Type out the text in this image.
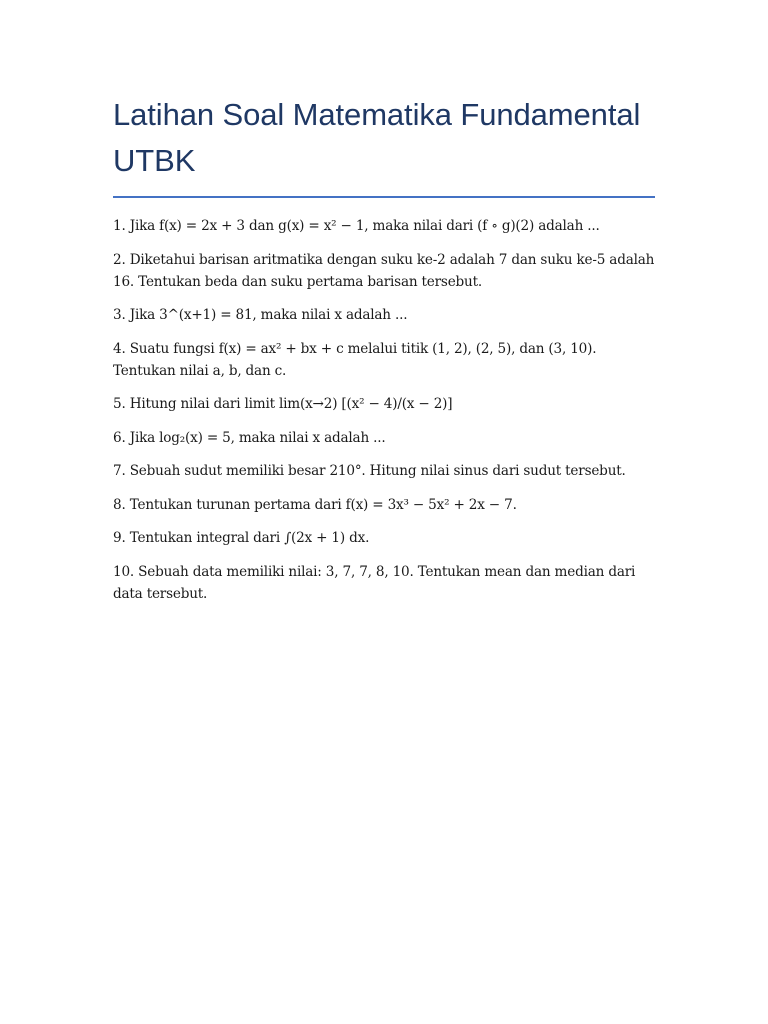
Latihan Soal Matematika Fundamental UTBK

1. Jika f(x) = 2x + 3 dan g(x) = x² − 1, maka nilai dari (f ∘ g)(2) adalah ...

2. Diketahui barisan aritmatika dengan suku ke-2 adalah 7 dan suku ke-5 adalah 16. Tentukan beda dan suku pertama barisan tersebut.

3. Jika 3^(x+1) = 81, maka nilai x adalah ...

4. Suatu fungsi f(x) = ax² + bx + c melalui titik (1, 2), (2, 5), dan (3, 10). Tentukan nilai a, b, dan c.

5. Hitung nilai dari limit lim(x→2) [(x² − 4)/(x − 2)]

6. Jika log₂(x) = 5, maka nilai x adalah ...

7. Sebuah sudut memiliki besar 210°. Hitung nilai sinus dari sudut tersebut.

8. Tentukan turunan pertama dari f(x) = 3x³ − 5x² + 2x − 7.

9. Tentukan integral dari ∫(2x + 1) dx.

10. Sebuah data memiliki nilai: 3, 7, 7, 8, 10. Tentukan mean dan median dari data tersebut.
